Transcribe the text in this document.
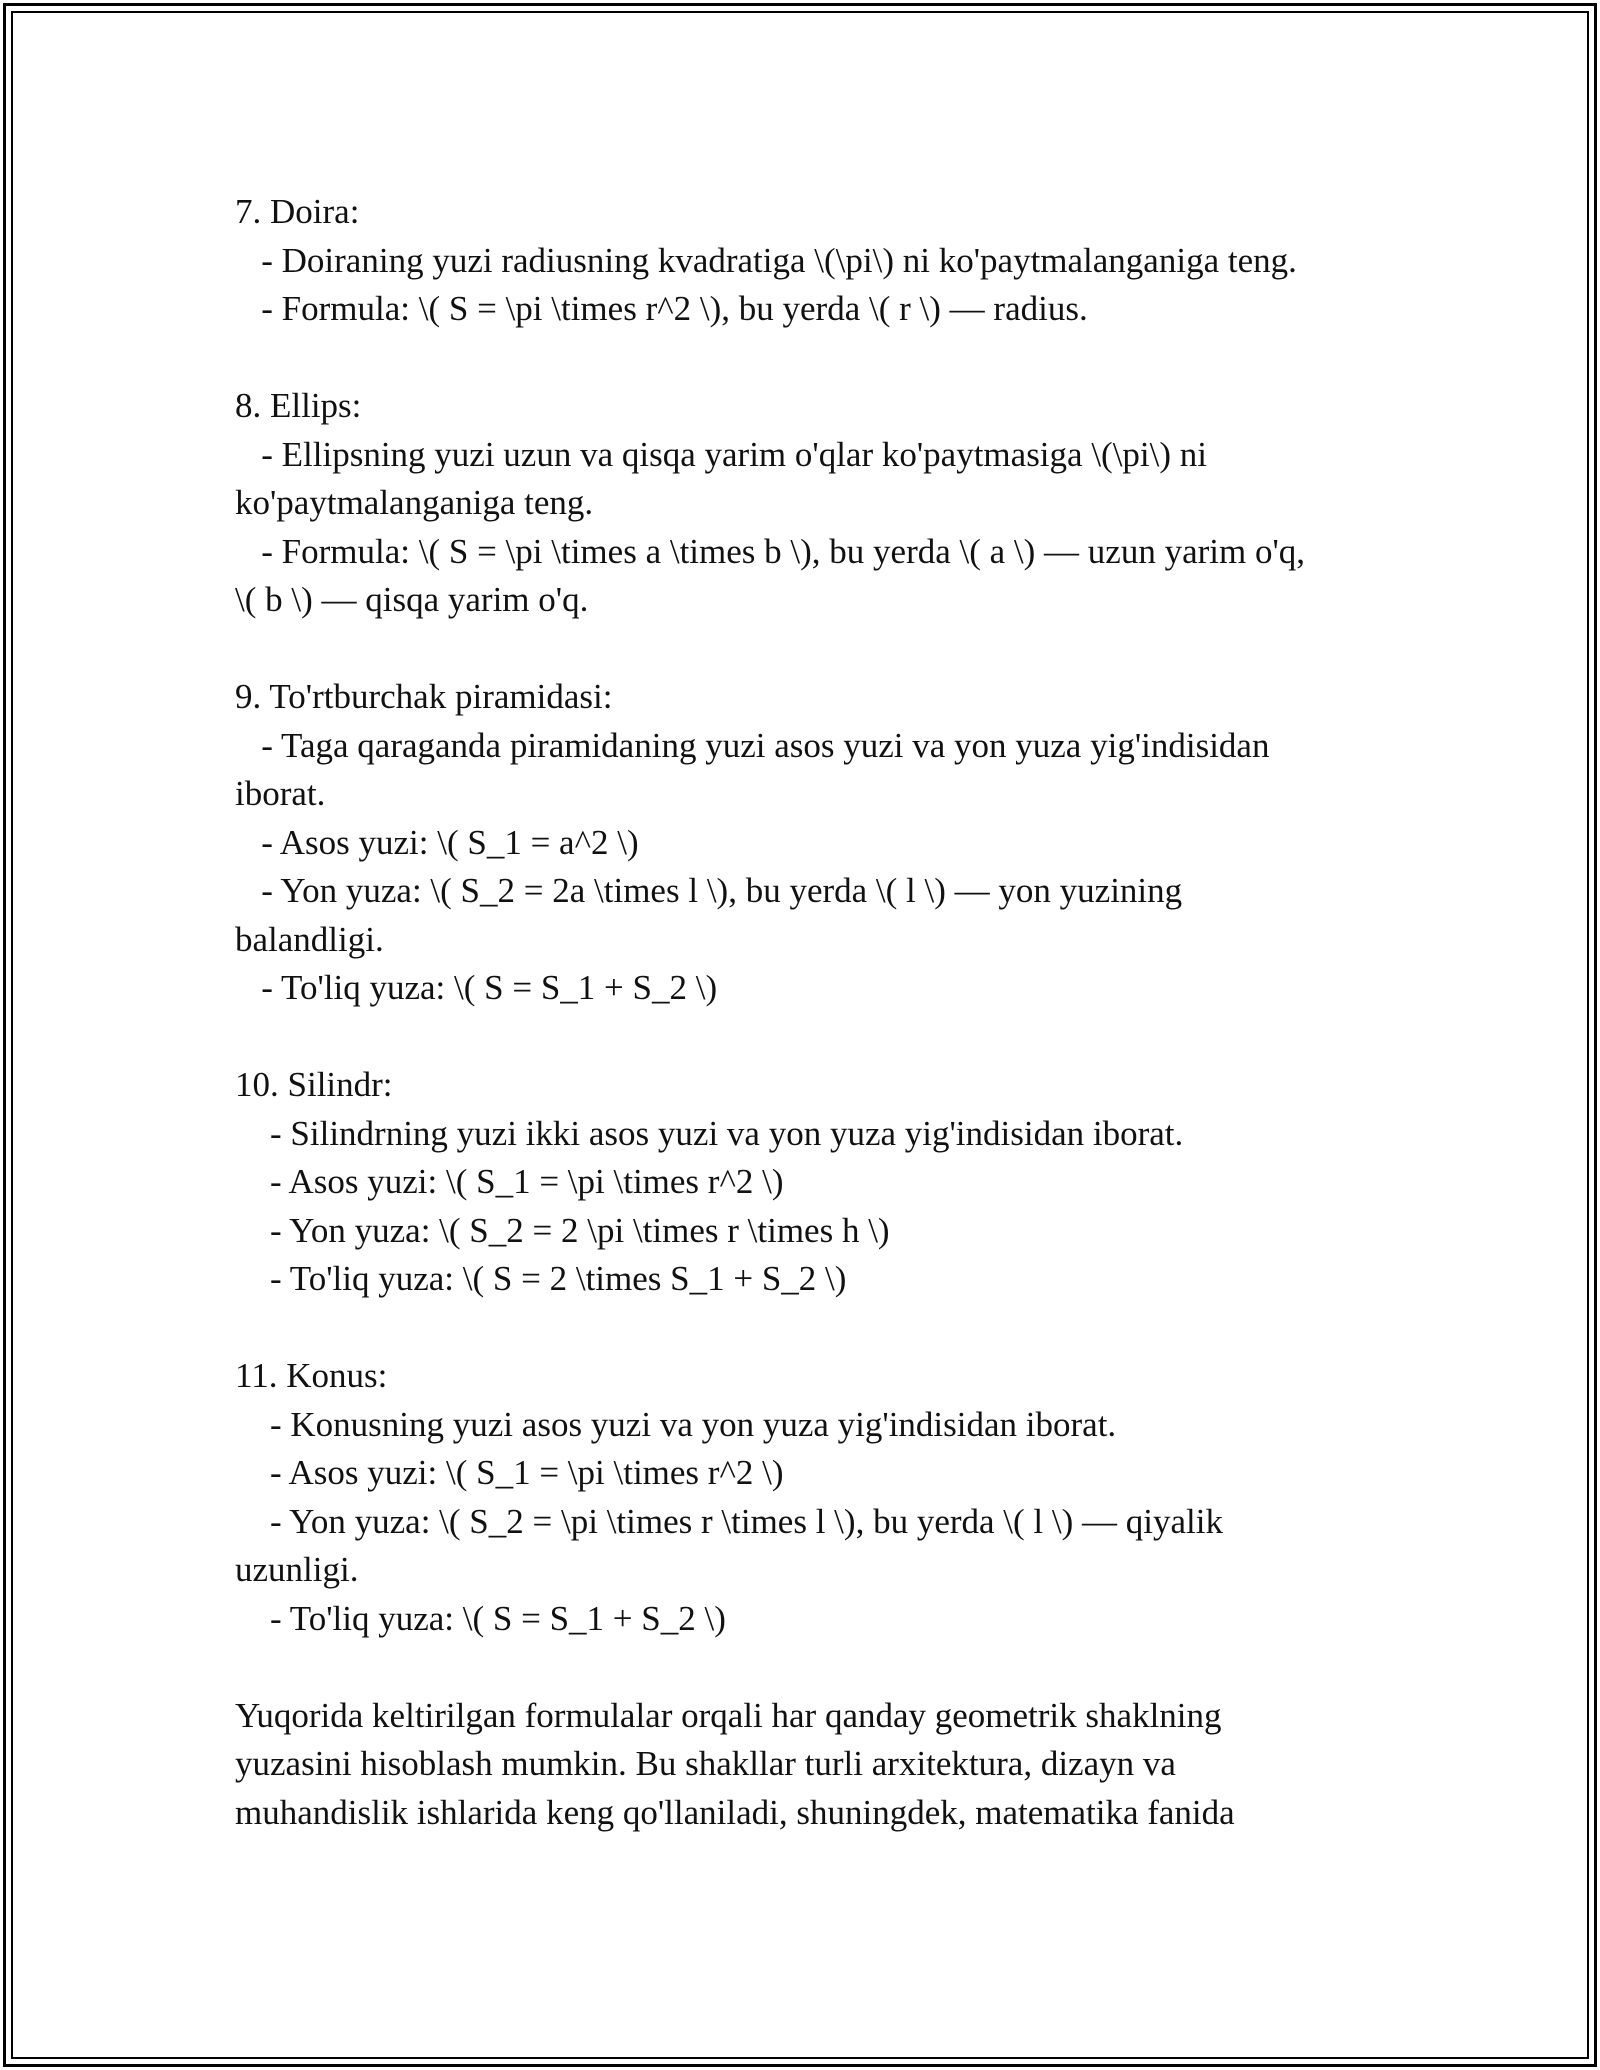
7. Doira:
- Doiraning yuzi radiusning kvadratiga \(\pi\) ni ko'paytmalanganiga teng.
- Formula: \( S = \pi \times r^2 \), bu yerda \( r \) — radius.
8. Ellips:
- Ellipsning yuzi uzun va qisqa yarim o'qlar ko'paytmasiga \(\pi\) ni
ko'paytmalanganiga teng.
- Formula: \( S = \pi \times a \times b \), bu yerda \( a \) — uzun yarim o'q,
\( b \) — qisqa yarim o'q.
9. To'rtburchak piramidasi:
- Taga qaraganda piramidaning yuzi asos yuzi va yon yuza yig'indisidan
iborat.
- Asos yuzi: \( S_1 = a^2 \)
- Yon yuza: \( S_2 = 2a \times l \), bu yerda \( l \) — yon yuzining
balandligi.
- To'liq yuza: \( S = S_1 + S_2 \)
10. Silindr:
- Silindrning yuzi ikki asos yuzi va yon yuza yig'indisidan iborat.
- Asos yuzi: \( S_1 = \pi \times r^2 \)
- Yon yuza: \( S_2 = 2 \pi \times r \times h \)
- To'liq yuza: \( S = 2 \times S_1 + S_2 \)
11. Konus:
- Konusning yuzi asos yuzi va yon yuza yig'indisidan iborat.
- Asos yuzi: \( S_1 = \pi \times r^2 \)
- Yon yuza: \( S_2 = \pi \times r \times l \), bu yerda \( l \) — qiyalik
uzunligi.
- To'liq yuza: \( S = S_1 + S_2 \)
Yuqorida keltirilgan formulalar orqali har qanday geometrik shaklning
yuzasini hisoblash mumkin. Bu shakllar turli arxitektura, dizayn va
muhandislik ishlarida keng qo'llaniladi, shuningdek, matematika fanida
